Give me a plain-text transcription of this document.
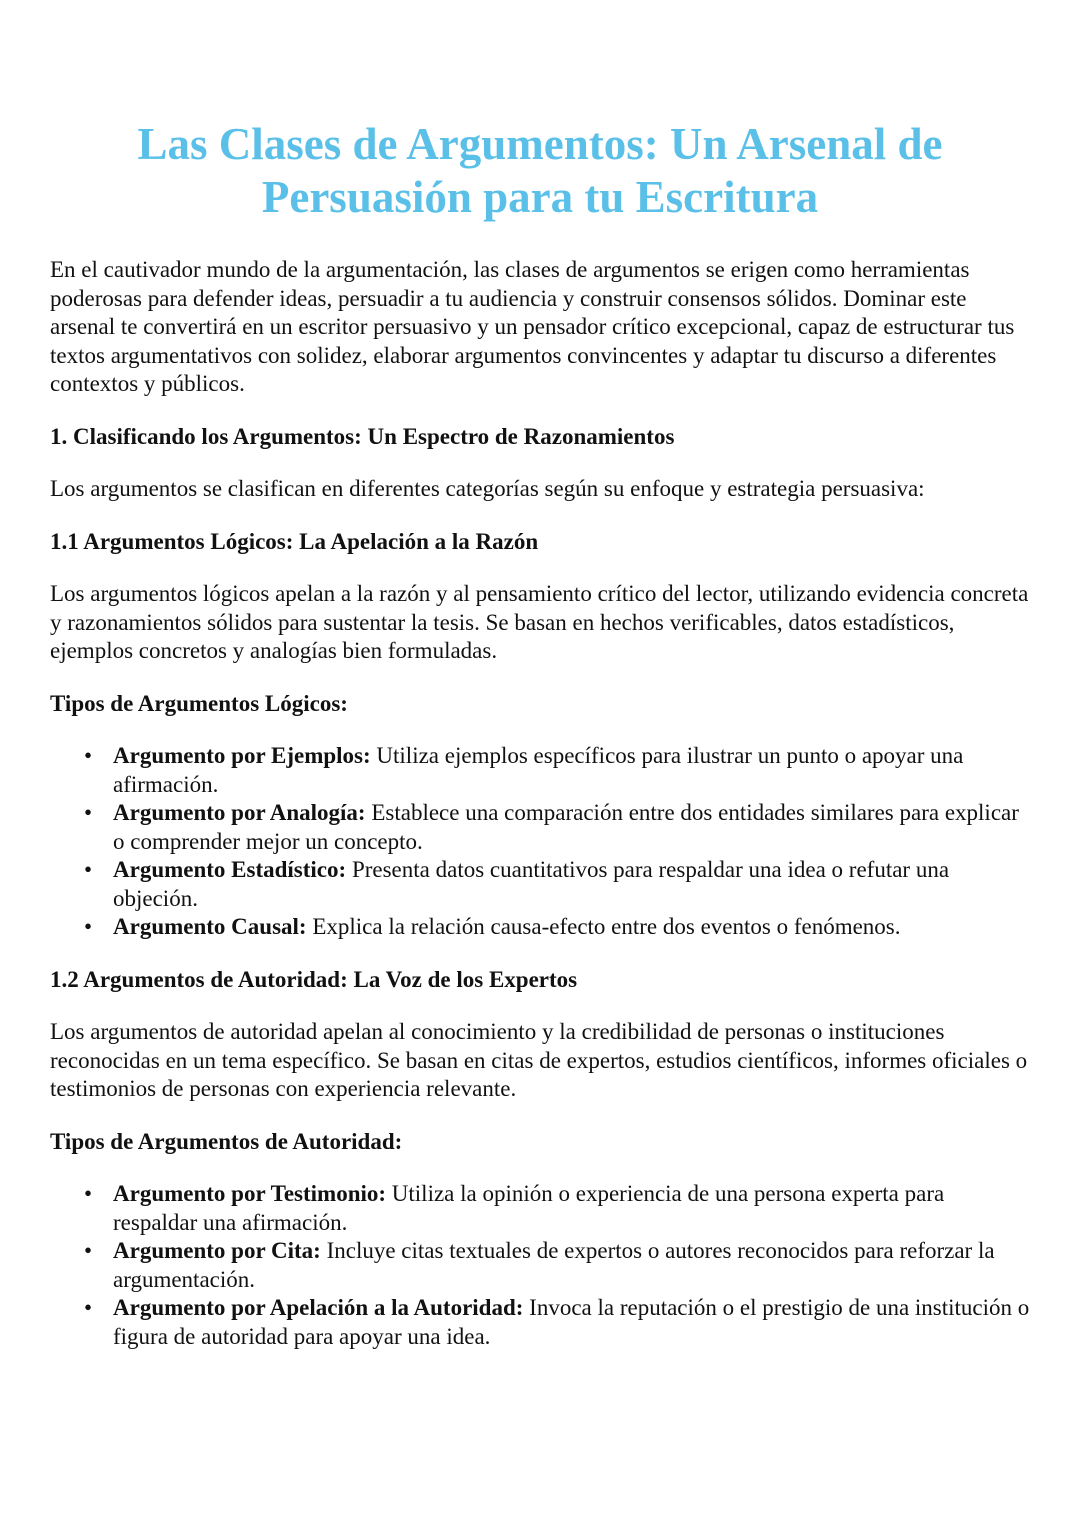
Las Clases de Argumentos: Un Arsenal de
Persuasión para tu Escritura

En el cautivador mundo de la argumentación, las clases de argumentos se erigen como herramientas poderosas para defender ideas, persuadir a tu audiencia y construir consensos sólidos. Dominar este arsenal te convertirá en un escritor persuasivo y un pensador crítico excepcional, capaz de estructurar tus textos argumentativos con solidez, elaborar argumentos convincentes y adaptar tu discurso a diferentes contextos y públicos.

1. Clasificando los Argumentos: Un Espectro de Razonamientos

Los argumentos se clasifican en diferentes categorías según su enfoque y estrategia persuasiva:

1.1 Argumentos Lógicos: La Apelación a la Razón

Los argumentos lógicos apelan a la razón y al pensamiento crítico del lector, utilizando evidencia concreta y razonamientos sólidos para sustentar la tesis. Se basan en hechos verificables, datos estadísticos, ejemplos concretos y analogías bien formuladas.

Tipos de Argumentos Lógicos:

• Argumento por Ejemplos: Utiliza ejemplos específicos para ilustrar un punto o apoyar una afirmación.
• Argumento por Analogía: Establece una comparación entre dos entidades similares para explicar o comprender mejor un concepto.
• Argumento Estadístico: Presenta datos cuantitativos para respaldar una idea o refutar una objeción.
• Argumento Causal: Explica la relación causa-efecto entre dos eventos o fenómenos.
1.2 Argumentos de Autoridad: La Voz de los Expertos

Los argumentos de autoridad apelan al conocimiento y la credibilidad de personas o instituciones reconocidas en un tema específico. Se basan en citas de expertos, estudios científicos, informes oficiales o testimonios de personas con experiencia relevante.

Tipos de Argumentos de Autoridad:

• Argumento por Testimonio: Utiliza la opinión o experiencia de una persona experta para respaldar una afirmación.
• Argumento por Cita: Incluye citas textuales de expertos o autores reconocidos para reforzar la argumentación.
• Argumento por Apelación a la Autoridad: Invoca la reputación o el prestigio de una institución o figura de autoridad para apoyar una idea.
